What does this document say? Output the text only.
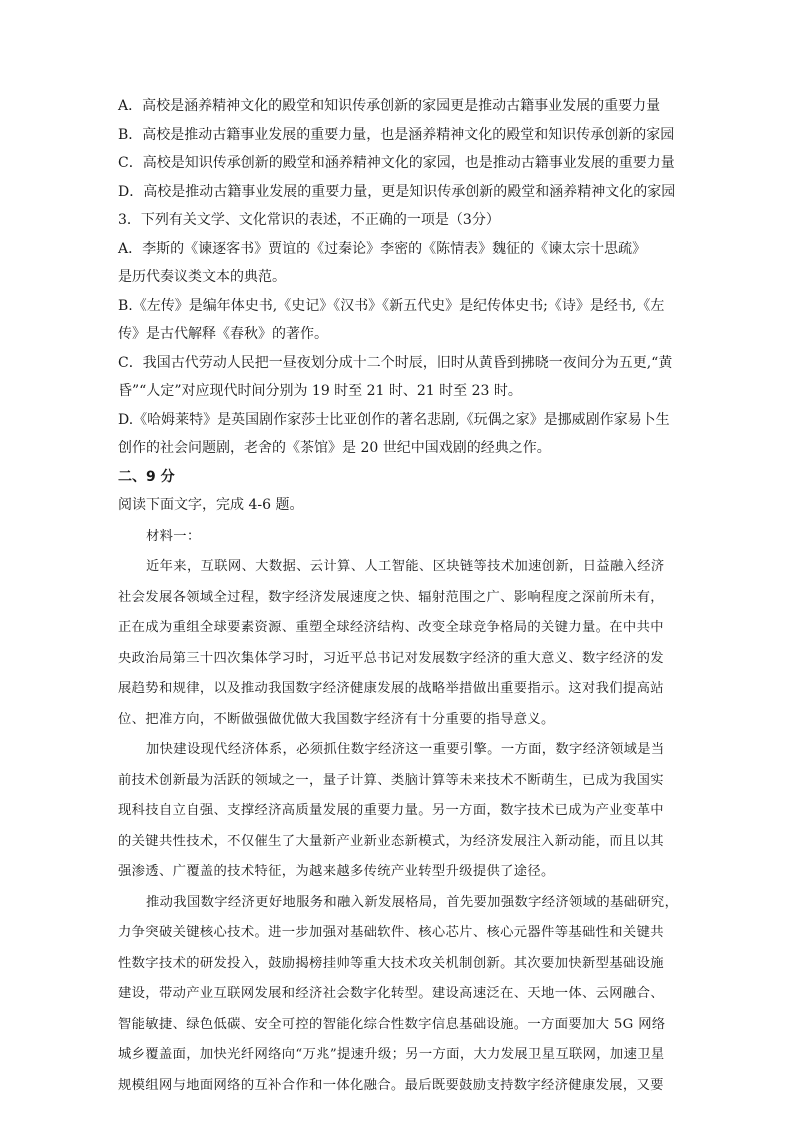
A．高校是涵养精神文化的殿堂和知识传承创新的家园更是推动古籍事业发展的重要力量
B．高校是推动古籍事业发展的重要力量，也是涵养精神文化的殿堂和知识传承创新的家园
C．高校是知识传承创新的殿堂和涵养精神文化的家园，也是推动古籍事业发展的重要力量
D．高校是推动古籍事业发展的重要力量，更是知识传承创新的殿堂和涵养精神文化的家园
3．下列有关文学、文化常识的表述，不正确的一项是（3分）
A．李斯的《谏逐客书》贾谊的《过秦论》李密的《陈情表》魏征的《谏太宗十思疏》
是历代奏议类文本的典范。
B.《左传》是编年体史书,《史记》《汉书》《新五代史》是纪传体史书;《诗》是经书,《左
传》是古代解释《春秋》的著作。
C．我国古代劳动人民把一昼夜划分成十二个时辰，旧时从黄昏到拂晓一夜间分为五更,“黄
昏”“人定”对应现代时间分别为 19 时至 21 时、21 时至 23 时。
D.《哈姆莱特》是英国剧作家莎士比亚创作的著名悲剧,《玩偶之家》是挪威剧作家易卜生
创作的社会问题剧，老舍的《茶馆》是 20 世纪中国戏剧的经典之作。
二、9 分
阅读下面文字，完成 4-6 题。
材料一：
近年来，互联网、大数据、云计算、人工智能、区块链等技术加速创新，日益融入经济
社会发展各领域全过程，数字经济发展速度之快、辐射范围之广、影响程度之深前所未有，
正在成为重组全球要素资源、重塑全球经济结构、改变全球竞争格局的关键力量。在中共中
央政治局第三十四次集体学习时，习近平总书记对发展数字经济的重大意义、数字经济的发
展趋势和规律，以及推动我国数字经济健康发展的战略举措做出重要指示。这对我们提高站
位、把准方向，不断做强做优做大我国数字经济有十分重要的指导意义。
加快建设现代经济体系，必须抓住数字经济这一重要引擎。一方面，数字经济领域是当
前技术创新最为活跃的领域之一，量子计算、类脑计算等未来技术不断萌生，已成为我国实
现科技自立自强、支撑经济高质量发展的重要力量。另一方面，数字技术已成为产业变革中
的关键共性技术，不仅催生了大量新产业新业态新模式，为经济发展注入新动能，而且以其
强渗透、广覆盖的技术特征，为越来越多传统产业转型升级提供了途径。
推动我国数字经济更好地服务和融入新发展格局，首先要加强数字经济领域的基础研究，
力争突破关键核心技术。进一步加强对基础软件、核心芯片、核心元器件等基础性和关键共
性数字技术的研发投入，鼓励揭榜挂帅等重大技术攻关机制创新。其次要加快新型基础设施
建设，带动产业互联网发展和经济社会数字化转型。建设高速泛在、天地一体、云网融合、
智能敏捷、绿色低碳、安全可控的智能化综合性数字信息基础设施。一方面要加大 5G 网络
城乡覆盖面，加快光纤网络向“万兆”提速升级；另一方面，大力发展卫星互联网，加速卫星
规模组网与地面网络的互补合作和一体化融合。最后既要鼓励支持数字经济健康发展，又要
